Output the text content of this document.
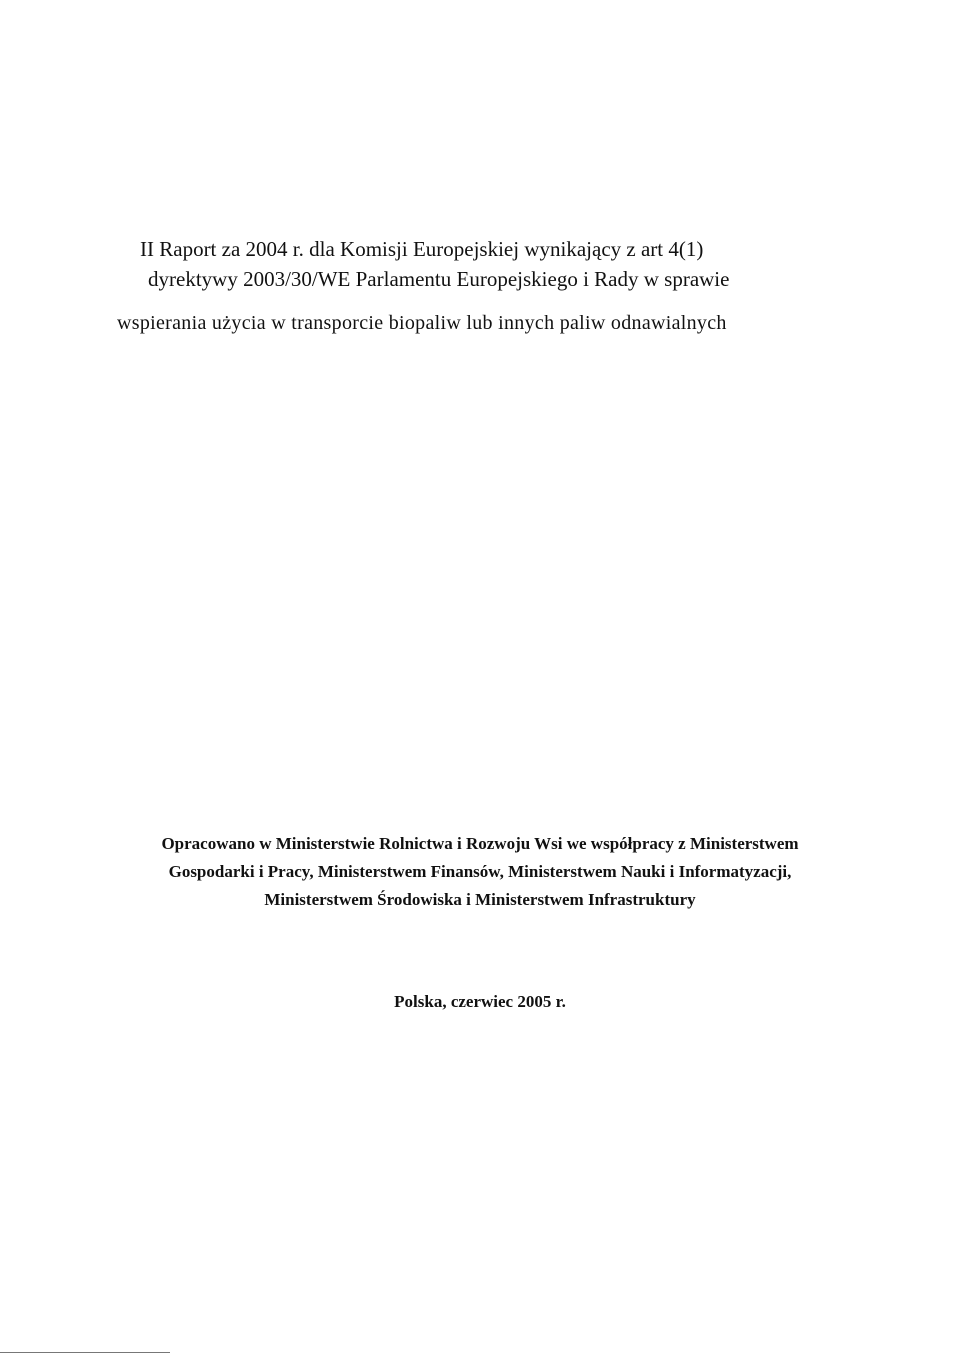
II Raport za 2004 r. dla Komisji Europejskiej wynikający z art 4(1)
dyrektywy 2003/30/WE Parlamentu Europejskiego i Rady w sprawie
wspierania użycia w transporcie biopaliw lub innych paliw odnawialnych
Opracowano w Ministerstwie Rolnictwa i Rozwoju Wsi we współpracy z Ministerstwem
Gospodarki i Pracy, Ministerstwem Finansów, Ministerstwem Nauki i Informatyzacji,
Ministerstwem Środowiska i Ministerstwem Infrastruktury
Polska, czerwiec 2005 r.
